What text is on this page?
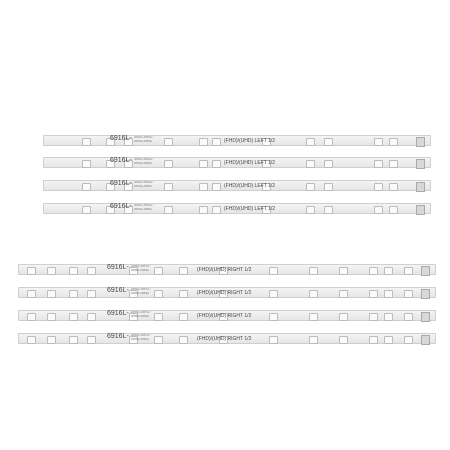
6916L- 2052A 2053A / 2054A 2055A	(FHD)/(UHD) LEFT 1/2
6916L- 2052A 2053A / 2054A 2055A	(FHD)/(UHD) LEFT 1/2
6916L- 2052A 2053A / 2054A 2055A	(FHD)/(UHD) LEFT 1/2
6916L- 2052A 2053A / 2054A 2055A	(FHD)/(UHD) LEFT 1/2
6916L- 2056A 2057A / 2058A 2059A	(FHD)/(UHD) RIGHT 1/2
6916L- 2056A 2057A / 2058A 2059A	(FHD)/(UHD) RIGHT 1/2
6916L- 2056A 2057A / 2058A 2059A	(FHD)/(UHD) RIGHT 1/2
6916L- 2056A 2057A / 2058A 2059A	(FHD)/(UHD) RIGHT 1/2
